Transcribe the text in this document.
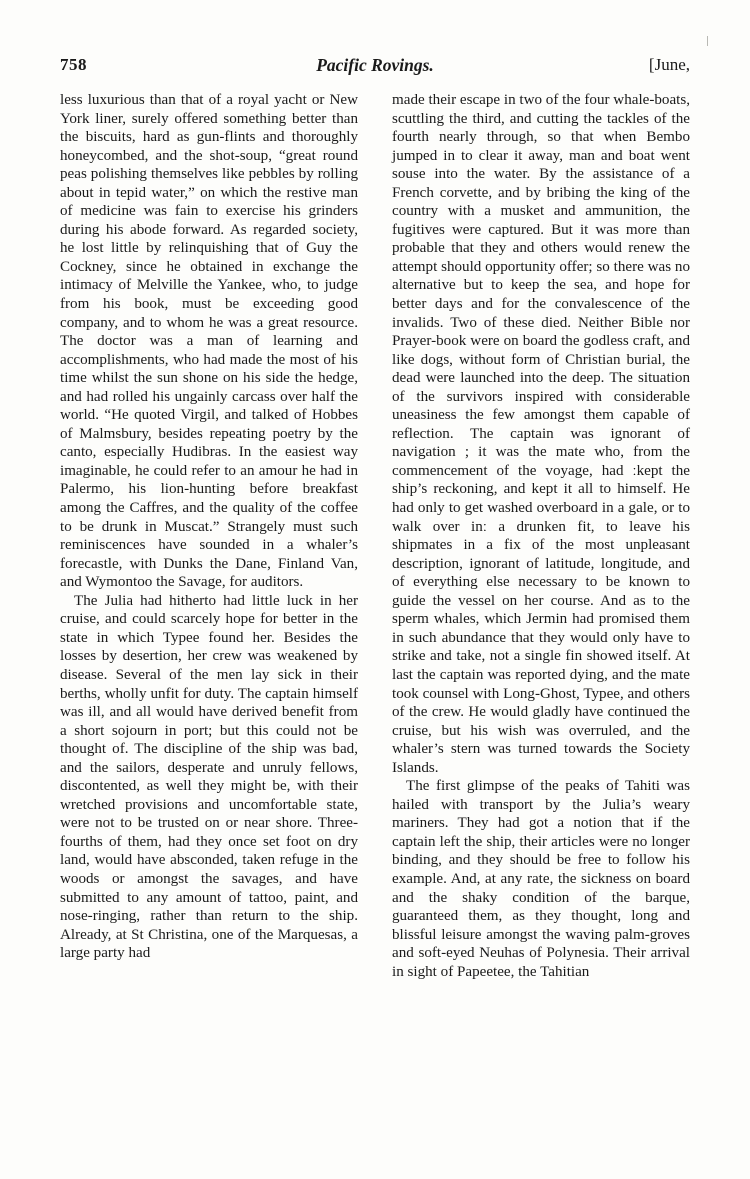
758	Pacific Rovings.	[June,

less luxurious than that of a royal yacht or New York liner, surely offered something better than the biscuits, hard as gun-flints and thoroughly honeycombed, and the shot-soup, “great round peas polishing themselves like pebbles by rolling about in tepid water,” on which the restive man of medicine was fain to exercise his grinders during his abode forward. As regarded society, he lost little by relinquishing that of Guy the Cockney, since he obtained in exchange the intimacy of Melville the Yankee, who, to judge from his book, must be exceeding good company, and to whom he was a great resource. The doctor was a man of learning and accomplishments, who had made the most of his time whilst the sun shone on his side the hedge, and had rolled his ungainly carcass over half the world. “He quoted Virgil, and talked of Hobbes of Malmsbury, besides repeating poetry by the canto, especially Hudibras. In the easiest way imaginable, he could refer to an amour he had in Palermo, his lion-hunting before breakfast among the Caffres, and the quality of the coffee to be drunk in Muscat.” Strangely must such reminiscences have sounded in a whaler’s forecastle, with Dunks the Dane, Finland Van, and Wymontoo the Savage, for auditors.

The Julia had hitherto had little luck in her cruise, and could scarcely hope for better in the state in which Typee found her. Besides the losses by desertion, her crew was weakened by disease. Several of the men lay sick in their berths, wholly unfit for duty. The captain himself was ill, and all would have derived benefit from a short sojourn in port; but this could not be thought of. The discipline of the ship was bad, and the sailors, desperate and unruly fellows, discontented, as well they might be, with their wretched provisions and uncomfortable state, were not to be trusted on or near shore. Three-fourths of them, had they once set foot on dry land, would have absconded, taken refuge in the woods or amongst the savages, and have submitted to any amount of tattoo, paint, and nose-ringing, rather than return to the ship. Already, at St Christina, one of the Marquesas, a large party had

made their escape in two of the four whale-boats, scuttling the third, and cutting the tackles of the fourth nearly through, so that when Bembo jumped in to clear it away, man and boat went souse into the water. By the assistance of a French corvette, and by bribing the king of the country with a musket and ammunition, the fugitives were captured. But it was more than probable that they and others would renew the attempt should opportunity offer; so there was no alternative but to keep the sea, and hope for better days and for the convalescence of the invalids. Two of these died. Neither Bible nor Prayer-book were on board the godless craft, and like dogs, without form of Christian burial, the dead were launched into the deep. The situation of the survivors inspired with considerable uneasiness the few amongst them capable of reflection. The captain was ignorant of navigation ; it was the mate who, from the commencement of the voyage, had ːkept the ship’s reckoning, and kept it all to himself. He had only to get washed overboard in a gale, or to walk over inː a drunken fit, to leave his shipmates in a fix of the most unpleasant description, ignorant of latitude, longitude, and of everything else necessary to be known to guide the vessel on her course. And as to the sperm whales, which Jermin had promised them in such abundance that they would only have to strike and take, not a single fin showed itself. At last the captain was reported dying, and the mate took counsel with Long-Ghost, Typee, and others of the crew. He would gladly have continued the cruise, but his wish was overruled, and the whaler’s stern was turned towards the Society Islands.

The first glimpse of the peaks of Tahiti was hailed with transport by the Julia’s weary mariners. They had got a notion that if the captain left the ship, their articles were no longer binding, and they should be free to follow his example. And, at any rate, the sickness on board and the shaky condition of the barque, guaranteed them, as they thought, long and blissful leisure amongst the waving palm-groves and soft-eyed Neuhas of Polynesia. Their arrival in sight of Papeetee, the Tahitian
